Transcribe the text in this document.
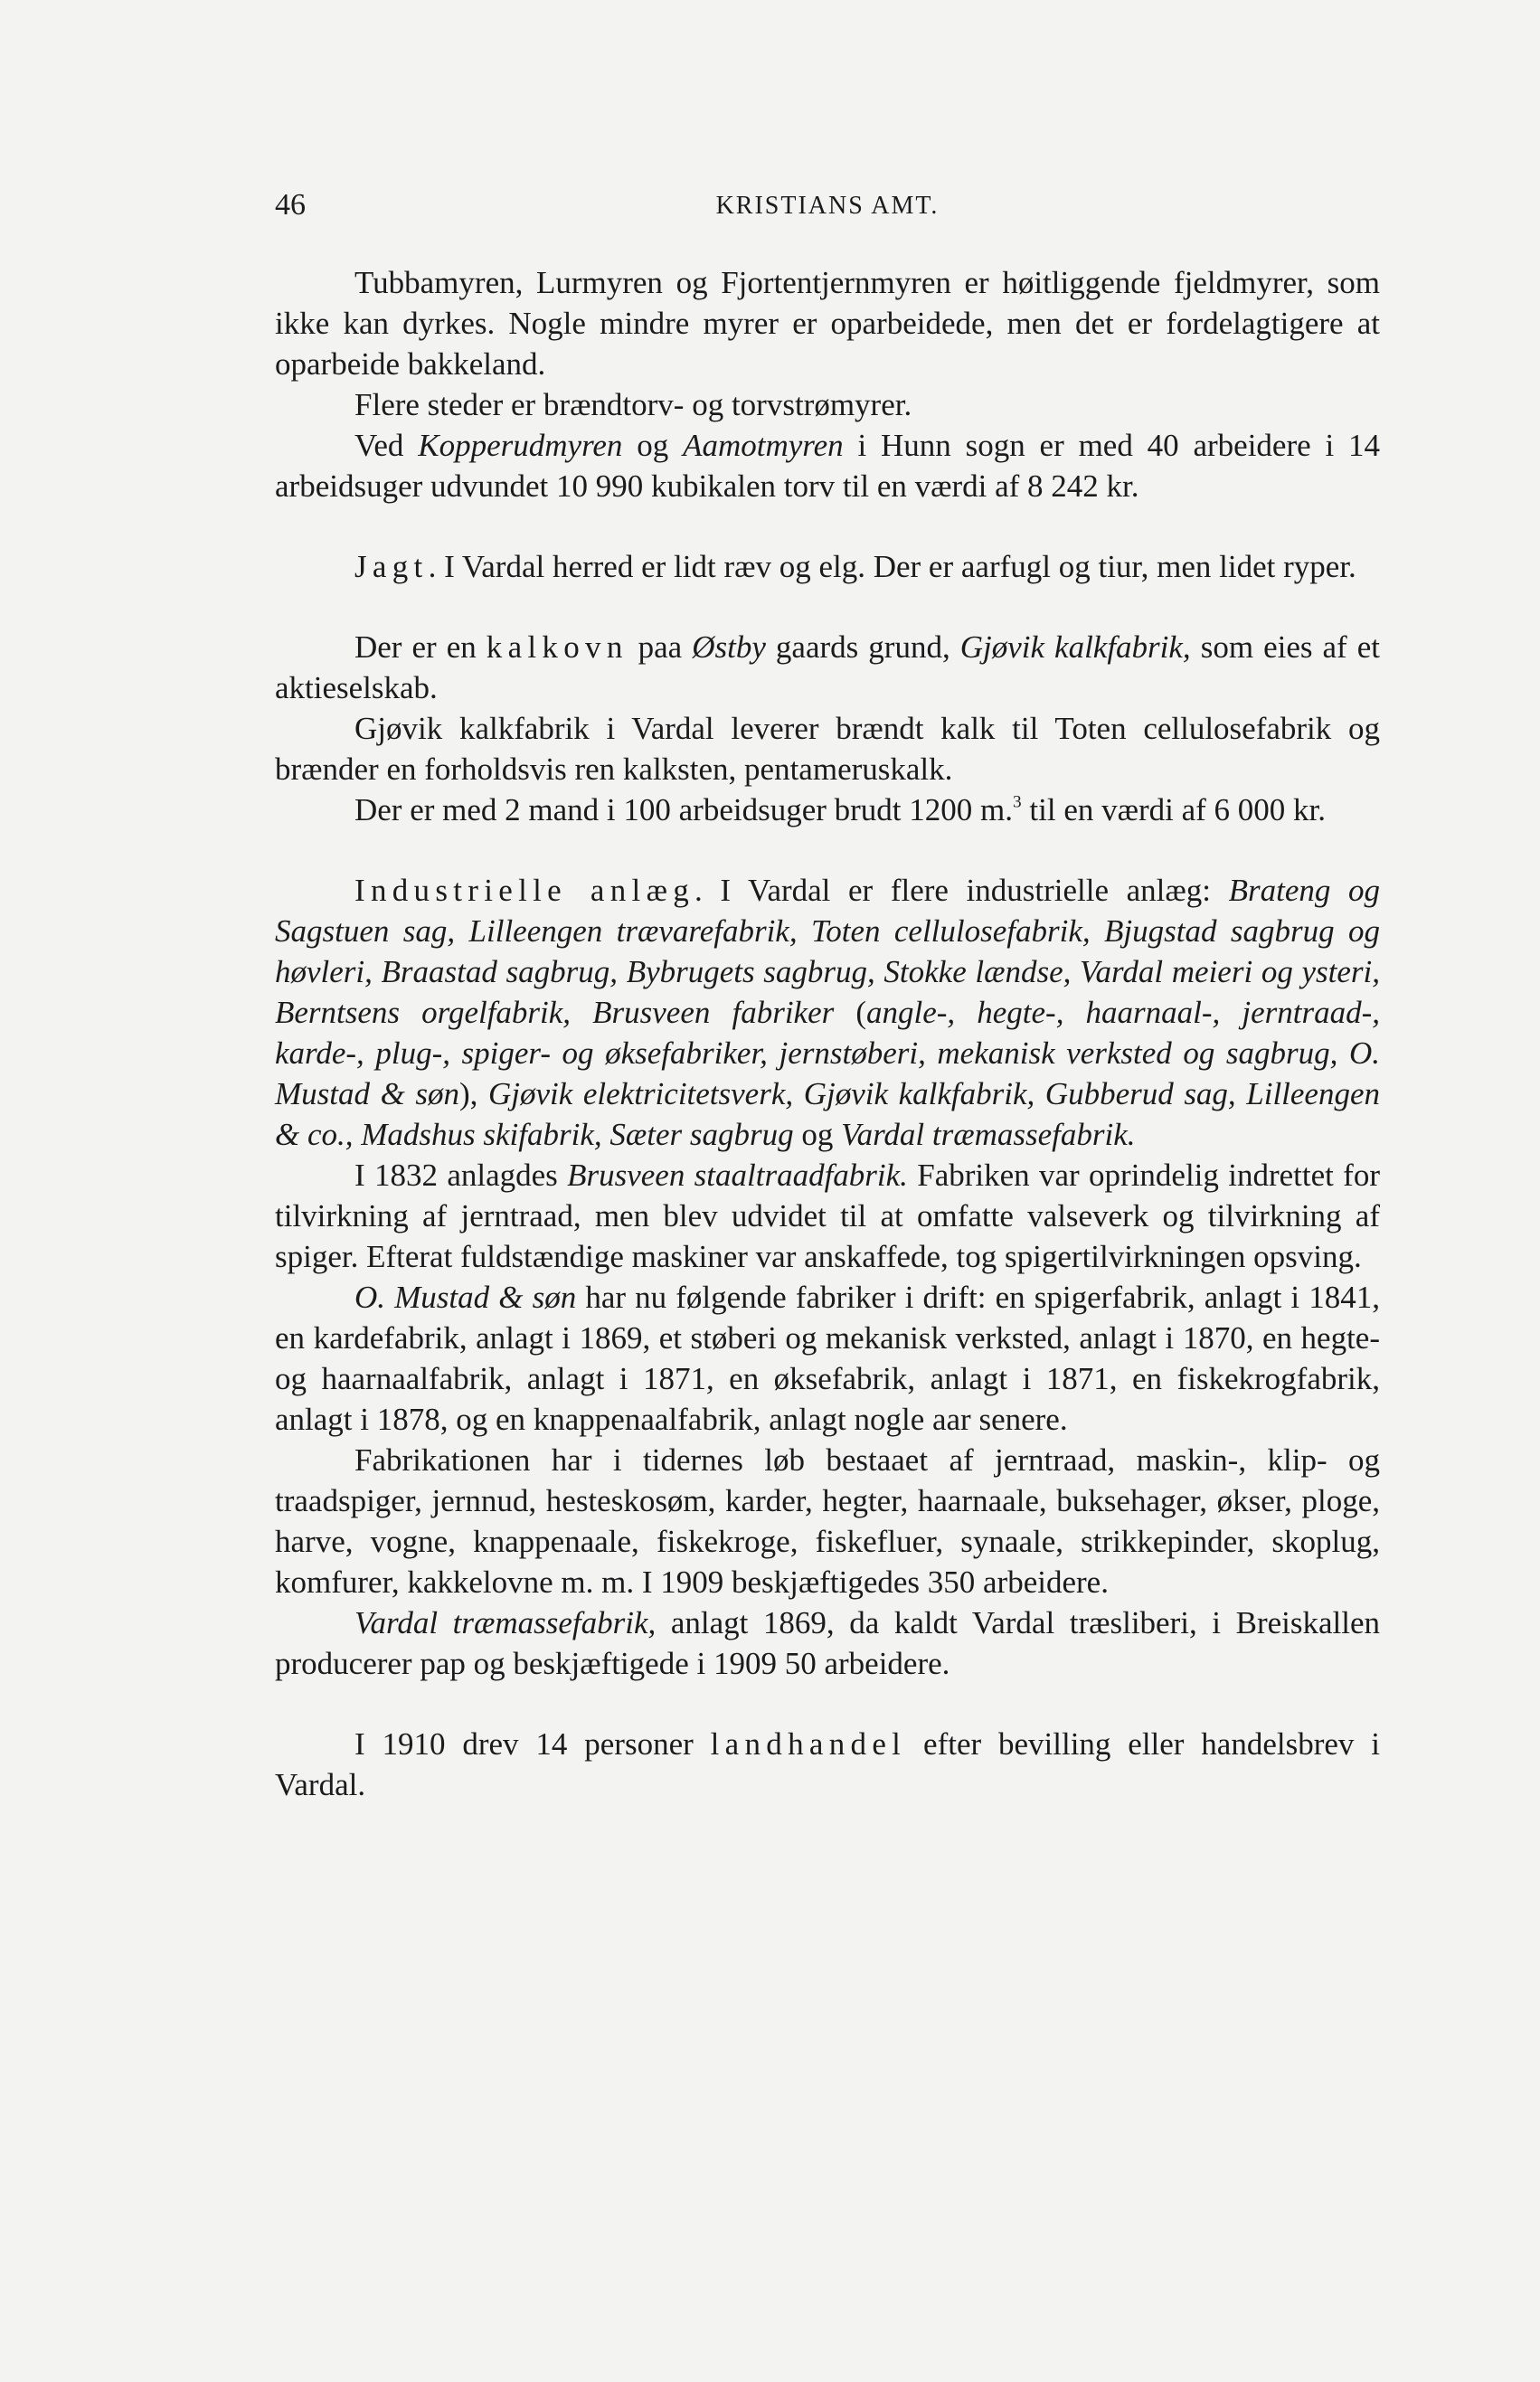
46	KRISTIANS AMT.

Tubbamyren, Lurmyren og Fjortentjernmyren er høitliggende fjeldmyrer, som ikke kan dyrkes. Nogle mindre myrer er oparbeidede, men det er fordelagtigere at oparbeide bakkeland.

Flere steder er brændtorv- og torvstrømyrer.

Ved Kopperudmyren og Aamotmyren i Hunn sogn er med 40 arbeidere i 14 arbeidsuger udvundet 10 990 kubikalen torv til en værdi af 8 242 kr.

Jagt. I Vardal herred er lidt ræv og elg. Der er aarfugl og tiur, men lidet ryper.

Der er en kalkovn paa Østby gaards grund, Gjøvik kalkfabrik, som eies af et aktieselskab.

Gjøvik kalkfabrik i Vardal leverer brændt kalk til Toten cellulosefabrik og brænder en forholdsvis ren kalksten, pentameruskalk.

Der er med 2 mand i 100 arbeidsuger brudt 1200 m.$^3$ til en værdi af 6 000 kr.

Industrielle anlæg. I Vardal er flere industrielle anlæg: Brateng og Sagstuen sag, Lilleengen trævarefabrik, Toten cellulosefabrik, Bjugstad sagbrug og høvleri, Braastad sagbrug, Bybrugets sagbrug, Stokke lændse, Vardal meieri og ysteri, Berntsens orgelfabrik, Brusveen fabriker (angle-, hegte-, haarnaal-, jerntraad-, karde-, plug-, spiger- og øksefabriker, jernstøberi, mekanisk verksted og sagbrug, O. Mustad & søn), Gjøvik elektricitetsverk, Gjøvik kalkfabrik, Gubberud sag, Lilleengen & co., Madshus skifabrik, Sæter sagbrug og Vardal træmassefabrik.

I 1832 anlagdes Brusveen staaltraadfabrik. Fabriken var oprindelig indrettet for tilvirkning af jerntraad, men blev udvidet til at omfatte valseverk og tilvirkning af spiger. Efterat fuldstændige maskiner var anskaffede, tog spigertilvirkningen opsving.

O. Mustad & søn har nu følgende fabriker i drift: en spigerfabrik, anlagt i 1841, en kardefabrik, anlagt i 1869, et støberi og mekanisk verksted, anlagt i 1870, en hegte- og haarnaalfabrik, anlagt i 1871, en øksefabrik, anlagt i 1871, en fiskekrogfabrik, anlagt i 1878, og en knappenaalfabrik, anlagt nogle aar senere.

Fabrikationen har i tidernes løb bestaaet af jerntraad, maskin-, klip- og traadspiger, jernnud, hesteskosøm, karder, hegter, haarnaale, buksehager, økser, ploge, harve, vogne, knappenaale, fiskekroge, fiskefluer, synaale, strikkepinder, skoplug, komfurer, kakkelovne m. m. I 1909 beskjæftigedes 350 arbeidere.

Vardal træmassefabrik, anlagt 1869, da kaldt Vardal træsliberi, i Breiskallen producerer pap og beskjæftigede i 1909 50 arbeidere.

I 1910 drev 14 personer landhandel efter bevilling eller handelsbrev i Vardal.
